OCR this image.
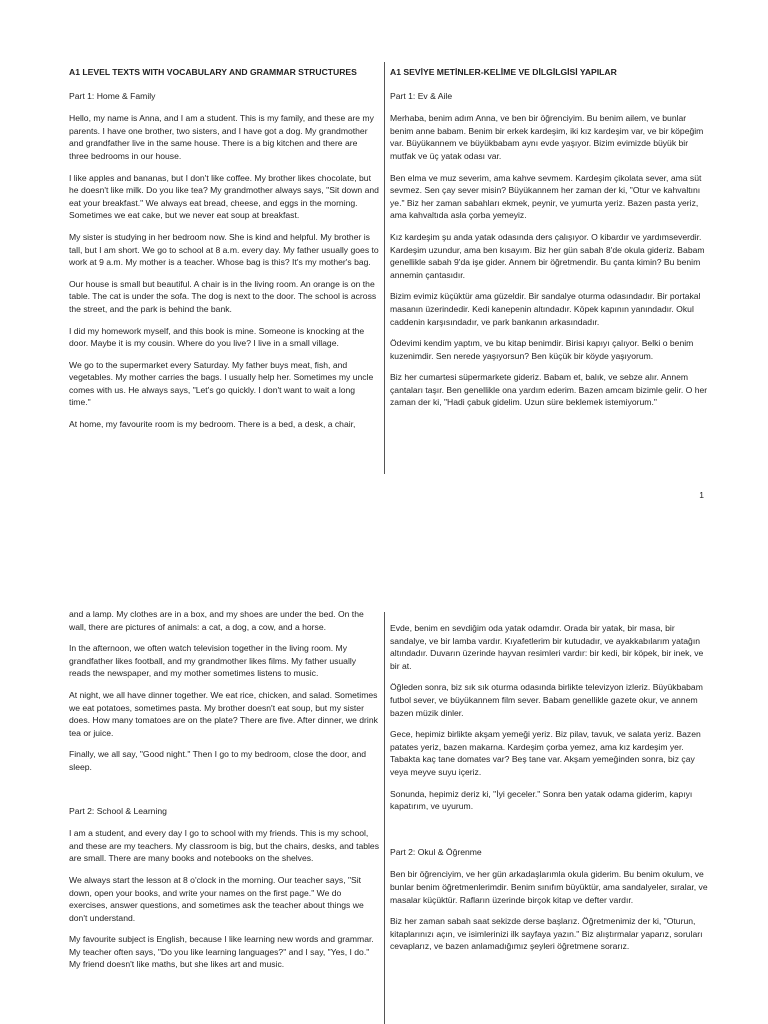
A1 LEVEL TEXTS WITH VOCABULARY AND GRAMMAR STRUCTURES
Part 1: Home & Family

Hello, my name is Anna, and I am a student. This is my family, and these are my parents. I have one brother, two sisters, and I have got a dog. My grandmother and grandfather live in the same house. There is a big kitchen and there are three bedrooms in our house.

I like apples and bananas, but I don't like coffee. My brother likes chocolate, but he doesn't like milk. Do you like tea? My grandmother always says, "Sit down and eat your breakfast." We always eat bread, cheese, and eggs in the morning. Sometimes we eat cake, but we never eat soup at breakfast.

My sister is studying in her bedroom now. She is kind and helpful. My brother is tall, but I am short. We go to school at 8 a.m. every day. My father usually goes to work at 9 a.m. My mother is a teacher. Whose bag is this? It's my mother's bag.

Our house is small but beautiful. A chair is in the living room. An orange is on the table. The cat is under the sofa. The dog is next to the door. The school is across the street, and the park is behind the bank.

I did my homework myself, and this book is mine. Someone is knocking at the door. Maybe it is my cousin. Where do you live? I live in a small village.

We go to the supermarket every Saturday. My father buys meat, fish, and vegetables. My mother carries the bags. I usually help her. Sometimes my uncle comes with us. He always says, "Let's go quickly. I don't want to wait a long time."

At home, my favourite room is my bedroom. There is a bed, a desk, a chair,

A1 SEVİYE METİNLER-KELİME VE DİLGİLGİSİ YAPILAR
Part 1: Ev & Aile

Merhaba, benim adım Anna, ve ben bir öğrenciyim. Bu benim ailem, ve bunlar benim anne babam. Benim bir erkek kardeşim, iki kız kardeşim var, ve bir köpeğim var. Büyükannem ve büyükbabam aynı evde yaşıyor. Bizim evimizde büyük bir mutfak ve üç yatak odası var.

Ben elma ve muz severim, ama kahve sevmem. Kardeşim çikolata sever, ama süt sevmez. Sen çay sever misin? Büyükannem her zaman der ki, "Otur ve kahvaltını ye." Biz her zaman sabahları ekmek, peynir, ve yumurta yeriz. Bazen pasta yeriz, ama kahvaltıda asla çorba yemeyiz.

Kız kardeşim şu anda yatak odasında ders çalışıyor. O kibardır ve yardımseverdir. Kardeşim uzundur, ama ben kısayım. Biz her gün sabah 8'de okula gideriz. Babam genellikle sabah 9'da işe gider. Annem bir öğretmendir. Bu çanta kimin? Bu benim annemin çantasıdır.

Bizim evimiz küçüktür ama güzeldir. Bir sandalye oturma odasındadır. Bir portakal masanın üzerindedir. Kedi kanepenin altındadır. Köpek kapının yanındadır. Okul caddenin karşısındadır, ve park bankanın arkasındadır.

Ödevimi kendim yaptım, ve bu kitap benimdir. Birisi kapıyı çalıyor. Belki o benim kuzenimdir. Sen nerede yaşıyorsun? Ben küçük bir köyde yaşıyorum.

Biz her cumartesi süpermarkete gideriz. Babam et, balık, ve sebze alır. Annem çantaları taşır. Ben genellikle ona yardım ederim. Bazen amcam bizimle gelir. O her zaman der ki, "Hadi çabuk gidelim. Uzun süre beklemek istemiyorum."

1

and a lamp. My clothes are in a box, and my shoes are under the bed. On the wall, there are pictures of animals: a cat, a dog, a cow, and a horse.

In the afternoon, we often watch television together in the living room. My grandfather likes football, and my grandmother likes films. My father usually reads the newspaper, and my mother sometimes listens to music.

At night, we all have dinner together. We eat rice, chicken, and salad. Sometimes we eat potatoes, sometimes pasta. My brother doesn't eat soup, but my sister does. How many tomatoes are on the plate? There are five. After dinner, we drink tea or juice.

Finally, we all say, "Good night." Then I go to my bedroom, close the door, and sleep.

Part 2: School & Learning

I am a student, and every day I go to school with my friends. This is my school, and these are my teachers. My classroom is big, but the chairs, desks, and tables are small. There are many books and notebooks on the shelves.

We always start the lesson at 8 o'clock in the morning. Our teacher says, "Sit down, open your books, and write your names on the first page." We do exercises, answer questions, and sometimes ask the teacher about things we don't understand.

My favourite subject is English, because I like learning new words and grammar. My teacher often says, "Do you like learning languages?" and I say, "Yes, I do." My friend doesn't like maths, but she likes art and music.

Evde, benim en sevdiğim oda yatak odamdır. Orada bir yatak, bir masa, bir sandalye, ve bir lamba vardır. Kıyafetlerim bir kutudadır, ve ayakkabılarım yatağın altındadır. Duvarın üzerinde hayvan resimleri vardır: bir kedi, bir köpek, bir inek, ve bir at.

Öğleden sonra, biz sık sık oturma odasında birlikte televizyon izleriz. Büyükbabam futbol sever, ve büyükannem film sever. Babam genellikle gazete okur, ve annem bazen müzik dinler.

Gece, hepimiz birlikte akşam yemeği yeriz. Biz pilav, tavuk, ve salata yeriz. Bazen patates yeriz, bazen makarna. Kardeşim çorba yemez, ama kız kardeşim yer. Tabakta kaç tane domates var? Beş tane var. Akşam yemeğinden sonra, biz çay veya meyve suyu içeriz.

Sonunda, hepimiz deriz ki, "İyi geceler." Sonra ben yatak odama giderim, kapıyı kapatırım, ve uyurum.

Part 2: Okul & Öğrenme

Ben bir öğrenciyim, ve her gün arkadaşlarımla okula giderim. Bu benim okulum, ve bunlar benim öğretmenlerimdir. Benim sınıfım büyüktür, ama sandalyeler, sıralar, ve masalar küçüktür. Rafların üzerinde birçok kitap ve defter vardır.

Biz her zaman sabah saat sekizde derse başlarız. Öğretmenimiz der ki, "Oturun, kitaplarınızı açın, ve isimlerinizi ilk sayfaya yazın." Biz alıştırmalar yaparız, soruları cevaplarız, ve bazen anlamadığımız şeyleri öğretmene sorarız.
